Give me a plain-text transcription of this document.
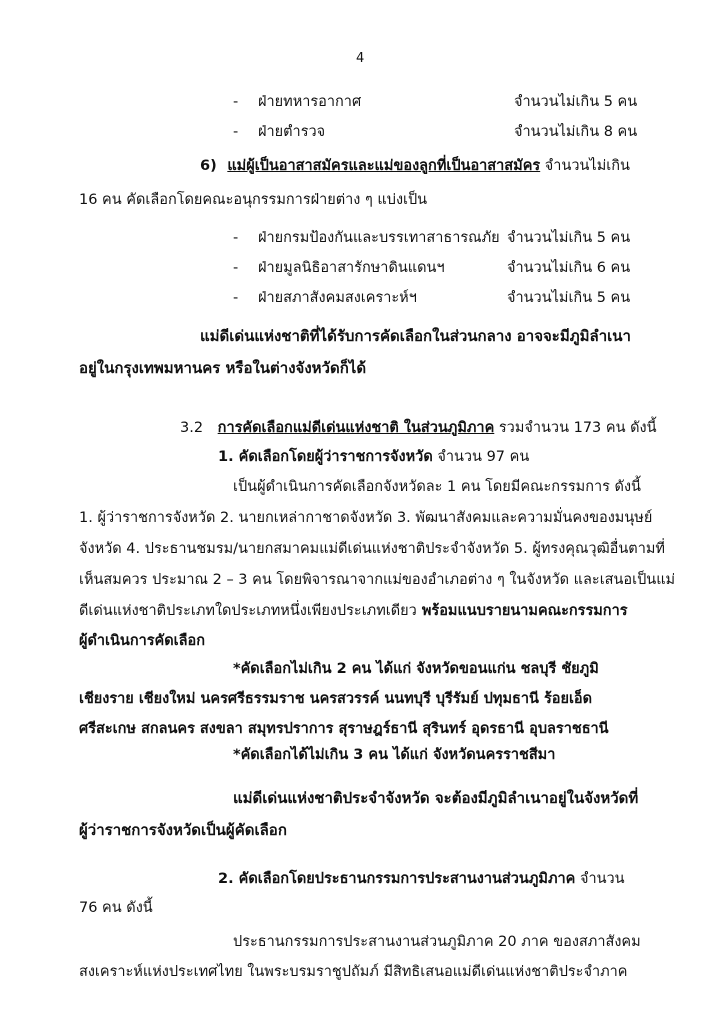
4
- ฝ่ายทหารอากาศ	จำนวนไม่เกิน 5 คน
- ฝ่ายตำรวจ	จำนวนไม่เกิน 8 คน
6) แม่ผู้เป็นอาสาสมัครและแม่ของลูกที่เป็นอาสาสมัคร จำนวนไม่เกิน
16 คน คัดเลือกโดยคณะอนุกรรมการฝ่ายต่าง ๆ แบ่งเป็น
- ฝ่ายกรมป้องกันและบรรเทาสาธารณภัย จำนวนไม่เกิน 5 คน
- ฝ่ายมูลนิธิอาสารักษาดินแดนฯ	จำนวนไม่เกิน 6 คน
- ฝ่ายสภาสังคมสงเคราะห์ฯ	จำนวนไม่เกิน 5 คน
แม่ดีเด่นแห่งชาติที่ได้รับการคัดเลือกในส่วนกลาง อาจจะมีภูมิลำเนา
อยู่ในกรุงเทพมหานคร หรือในต่างจังหวัดก็ได้
3.2 การคัดเลือกแม่ดีเด่นแห่งชาติ ในส่วนภูมิภาค รวมจำนวน 173 คน ดังนี้
1. คัดเลือกโดยผู้ว่าราชการจังหวัด จำนวน 97 คน
เป็นผู้ดำเนินการคัดเลือกจังหวัดละ 1 คน โดยมีคณะกรรมการ ดังนี้
1. ผู้ว่าราชการจังหวัด 2. นายกเหล่ากาชาดจังหวัด 3. พัฒนาสังคมและความมั่นคงของมนุษย์
จังหวัด 4. ประธานชมรม/นายกสมาคมแม่ดีเด่นแห่งชาติประจำจังหวัด 5. ผู้ทรงคุณวุฒิอื่นตามที่
เห็นสมควร ประมาณ 2 – 3 คน โดยพิจารณาจากแม่ของอำเภอต่าง ๆ ในจังหวัด และเสนอเป็นแม่
ดีเด่นแห่งชาติประเภทใดประเภทหนึ่งเพียงประเภทเดียว พร้อมแนบรายนามคณะกรรมการ
ผู้ดำเนินการคัดเลือก
*คัดเลือกไม่เกิน 2 คน ได้แก่ จังหวัดขอนแก่น ชลบุรี ชัยภูมิ
เชียงราย เชียงใหม่ นครศรีธรรมราช นครสวรรค์ นนทบุรี บุรีรัมย์ ปทุมธานี ร้อยเอ็ด
ศรีสะเกษ สกลนคร สงขลา สมุทรปราการ สุราษฎร์ธานี สุรินทร์ อุดรธานี อุบลราชธานี
*คัดเลือกได้ไม่เกิน 3 คน ได้แก่ จังหวัดนครราชสีมา
แม่ดีเด่นแห่งชาติประจำจังหวัด จะต้องมีภูมิลำเนาอยู่ในจังหวัดที่
ผู้ว่าราชการจังหวัดเป็นผู้คัดเลือก
2. คัดเลือกโดยประธานกรรมการประสานงานส่วนภูมิภาค จำนวน
76 คน ดังนี้
ประธานกรรมการประสานงานส่วนภูมิภาค 20 ภาค ของสภาสังคม
สงเคราะห์แห่งประเทศไทย ในพระบรมราชูปถัมภ์ มีสิทธิเสนอแม่ดีเด่นแห่งชาติประจำภาค
